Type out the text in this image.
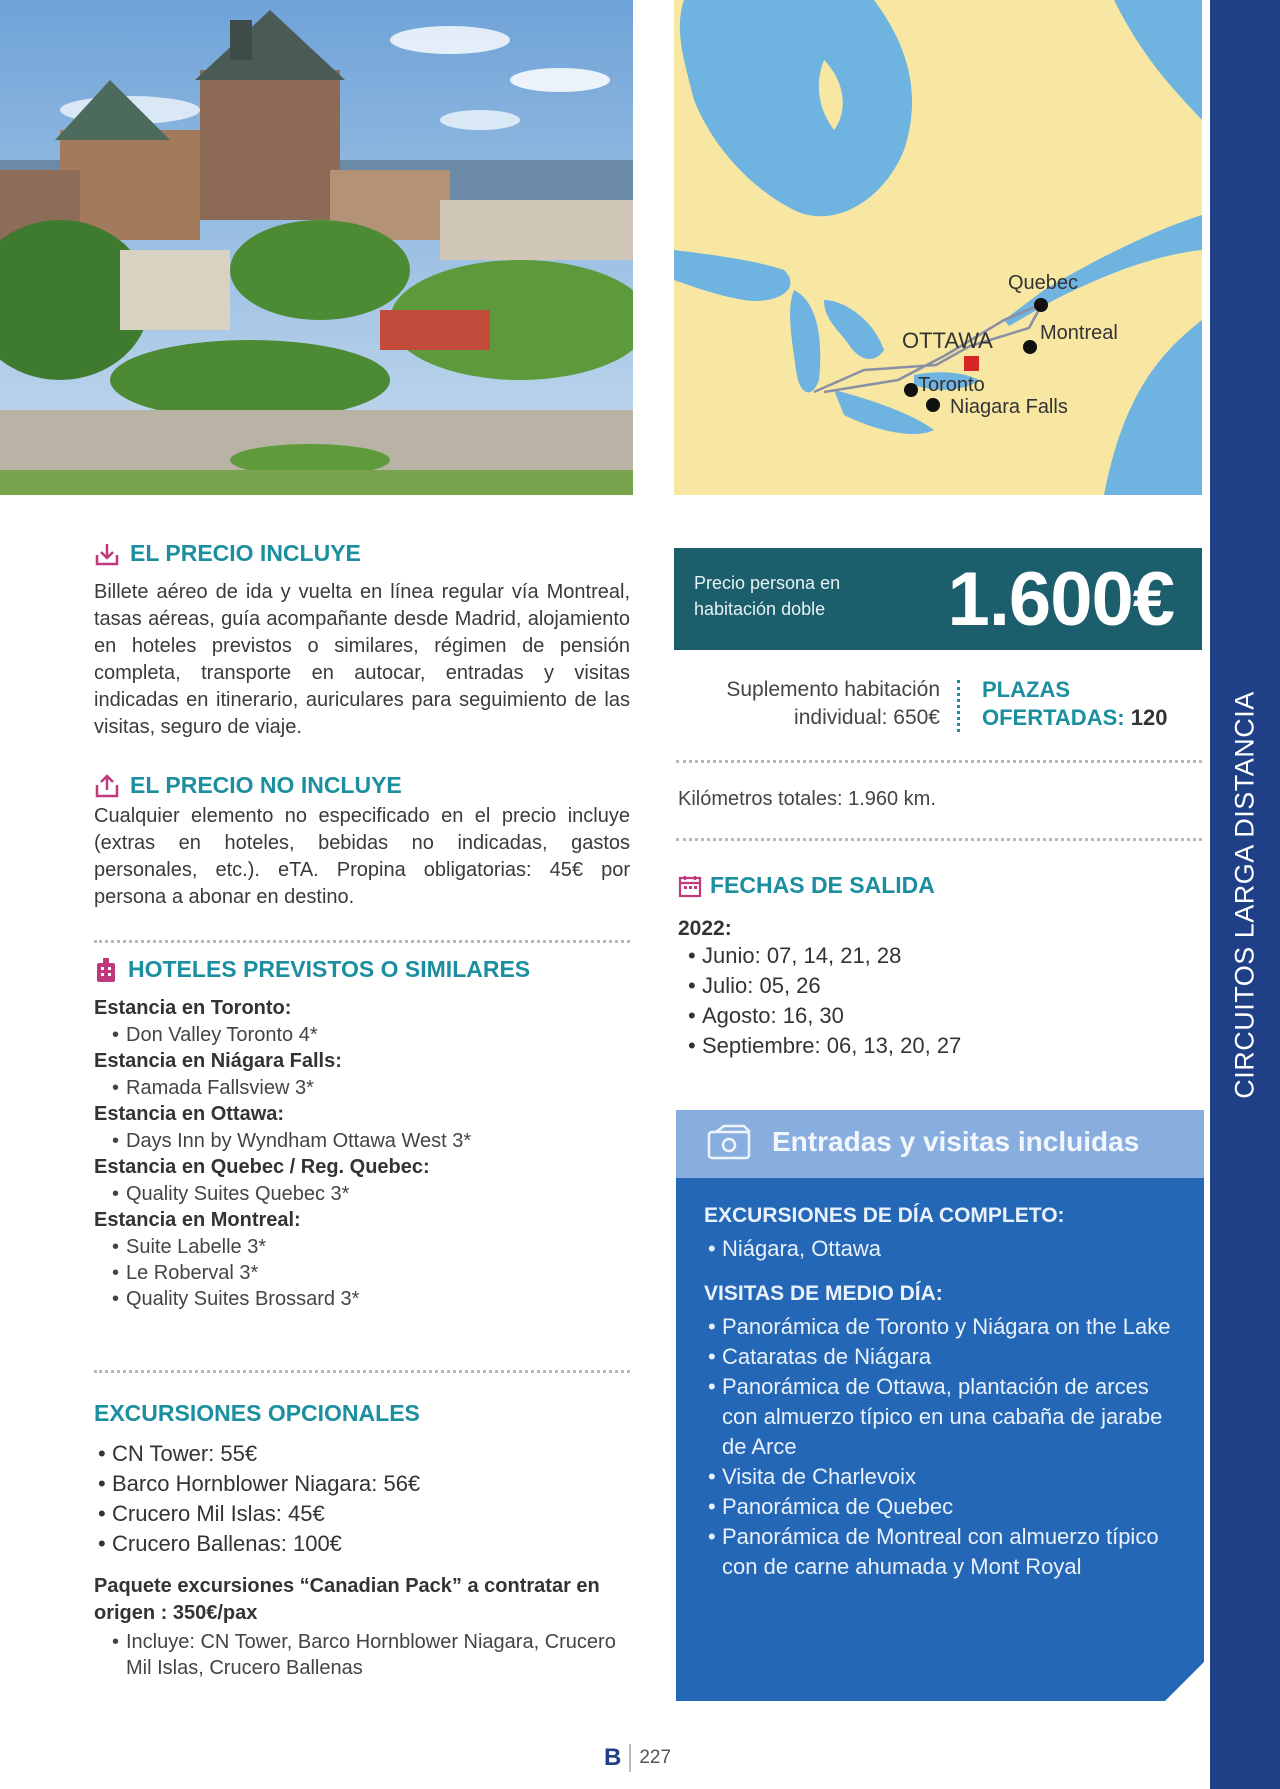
Quebec
OTTAWA Montreal
Toronto
Niagara Falls
CIRCUITOS LARGA DISTANCIA
EL PRECIO INCLUYE
Billete aéreo de ida y vuelta en línea regular vía Montreal, tasas aéreas, guía acompañante desde Madrid, alojamiento en hoteles previstos o similares, régimen de pensión completa, transporte en autocar, entradas y visitas indicadas en itinerario, auriculares para seguimiento de las visitas, seguro de viaje.
EL PRECIO NO INCLUYE
Cualquier elemento no especificado en el precio incluye (extras en hoteles, bebidas no indicadas, gastos personales, etc.). eTA. Propina obligatorias: 45€ por persona a abonar en destino.
HOTELES PREVISTOS O SIMILARES
Estancia en Toronto:
• Don Valley Toronto 4*
Estancia en Niágara Falls:
• Ramada Fallsview 3*
Estancia en Ottawa:
• Days Inn by Wyndham Ottawa West 3*
Estancia en Quebec / Reg. Quebec:
• Quality Suites Quebec 3*
Estancia en Montreal:
• Suite Labelle 3*
• Le Roberval 3*
• Quality Suites Brossard 3*
EXCURSIONES OPCIONALES
• CN Tower: 55€
• Barco Hornblower Niagara: 56€
• Crucero Mil Islas: 45€
• Crucero Ballenas: 100€
Paquete excursiones “Canadian Pack” a contratar en origen : 350€/pax
• Incluye: CN Tower, Barco Hornblower Niagara, Crucero Mil Islas, Crucero Ballenas
Precio persona en habitación doble	1.600€
Suplemento habitación individual: 650€
PLAZAS OFERTADAS: 120
Kilómetros totales: 1.960 km.
FECHAS DE SALIDA
2022:
• Junio: 07, 14, 21, 28
• Julio: 05, 26
• Agosto: 16, 30
• Septiembre: 06, 13, 20, 27
Entradas y visitas incluidas
EXCURSIONES DE DÍA COMPLETO:
• Niágara, Ottawa
VISITAS DE MEDIO DÍA:
• Panorámica de Toronto y Niágara on the Lake
• Cataratas de Niágara
• Panorámica de Ottawa, plantación de arces con almuerzo típico en una cabaña de jarabe de Arce
• Visita de Charlevoix
• Panorámica de Quebec
• Panorámica de Montreal con almuerzo típico con de carne ahumada y Mont Royal
B 227
